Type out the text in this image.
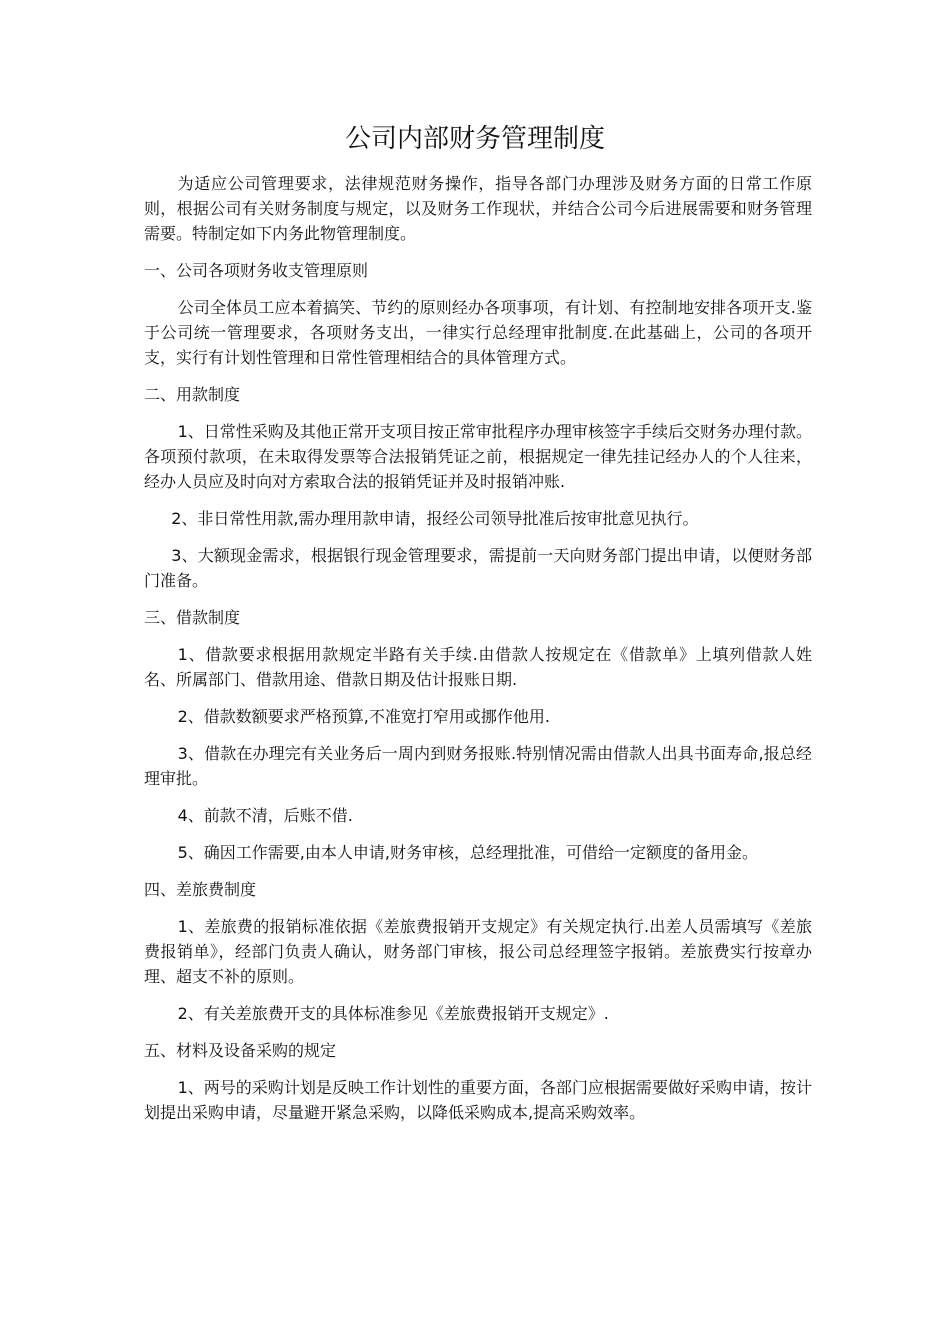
公司内部财务管理制度

为适应公司管理要求，法律规范财务操作，指导各部门办理涉及财务方面的日常工作原则，根据公司有关财务制度与规定，以及财务工作现状，并结合公司今后进展需要和财务管理需要。特制定如下内务此物管理制度。

一、公司各项财务收支管理原则

公司全体员工应本着搞笑、节约的原则经办各项事项，有计划、有控制地安排各项开支.鉴于公司统一管理要求，各项财务支出，一律实行总经理审批制度.在此基础上，公司的各项开支，实行有计划性管理和日常性管理相结合的具体管理方式。

二、用款制度

1、日常性采购及其他正常开支项目按正常审批程序办理审核签字手续后交财务办理付款。各项预付款项，在未取得发票等合法报销凭证之前，根据规定一律先挂记经办人的个人往来，经办人员应及时向对方索取合法的报销凭证并及时报销冲账.

2、非日常性用款,需办理用款申请，报经公司领导批准后按审批意见执行。

3、大额现金需求，根据银行现金管理要求，需提前一天向财务部门提出申请，以便财务部门准备。

三、借款制度

1、借款要求根据用款规定半路有关手续.由借款人按规定在《借款单》上填列借款人姓名、所属部门、借款用途、借款日期及估计报账日期.

2、借款数额要求严格预算,不准宽打窄用或挪作他用.

3、借款在办理完有关业务后一周内到财务报账.特别情况需由借款人出具书面寿命,报总经理审批。

4、前款不清，后账不借.

5、确因工作需要,由本人申请,财务审核，总经理批准，可借给一定额度的备用金。

四、差旅费制度

1、差旅费的报销标准依据《差旅费报销开支规定》有关规定执行.出差人员需填写《差旅费报销单》，经部门负责人确认，财务部门审核，报公司总经理签字报销。差旅费实行按章办理、超支不补的原则。

2、有关差旅费开支的具体标准参见《差旅费报销开支规定》.

五、材料及设备采购的规定

1、两号的采购计划是反映工作计划性的重要方面，各部门应根据需要做好采购申请，按计划提出采购申请，尽量避开紧急采购，以降低采购成本,提高采购效率。
